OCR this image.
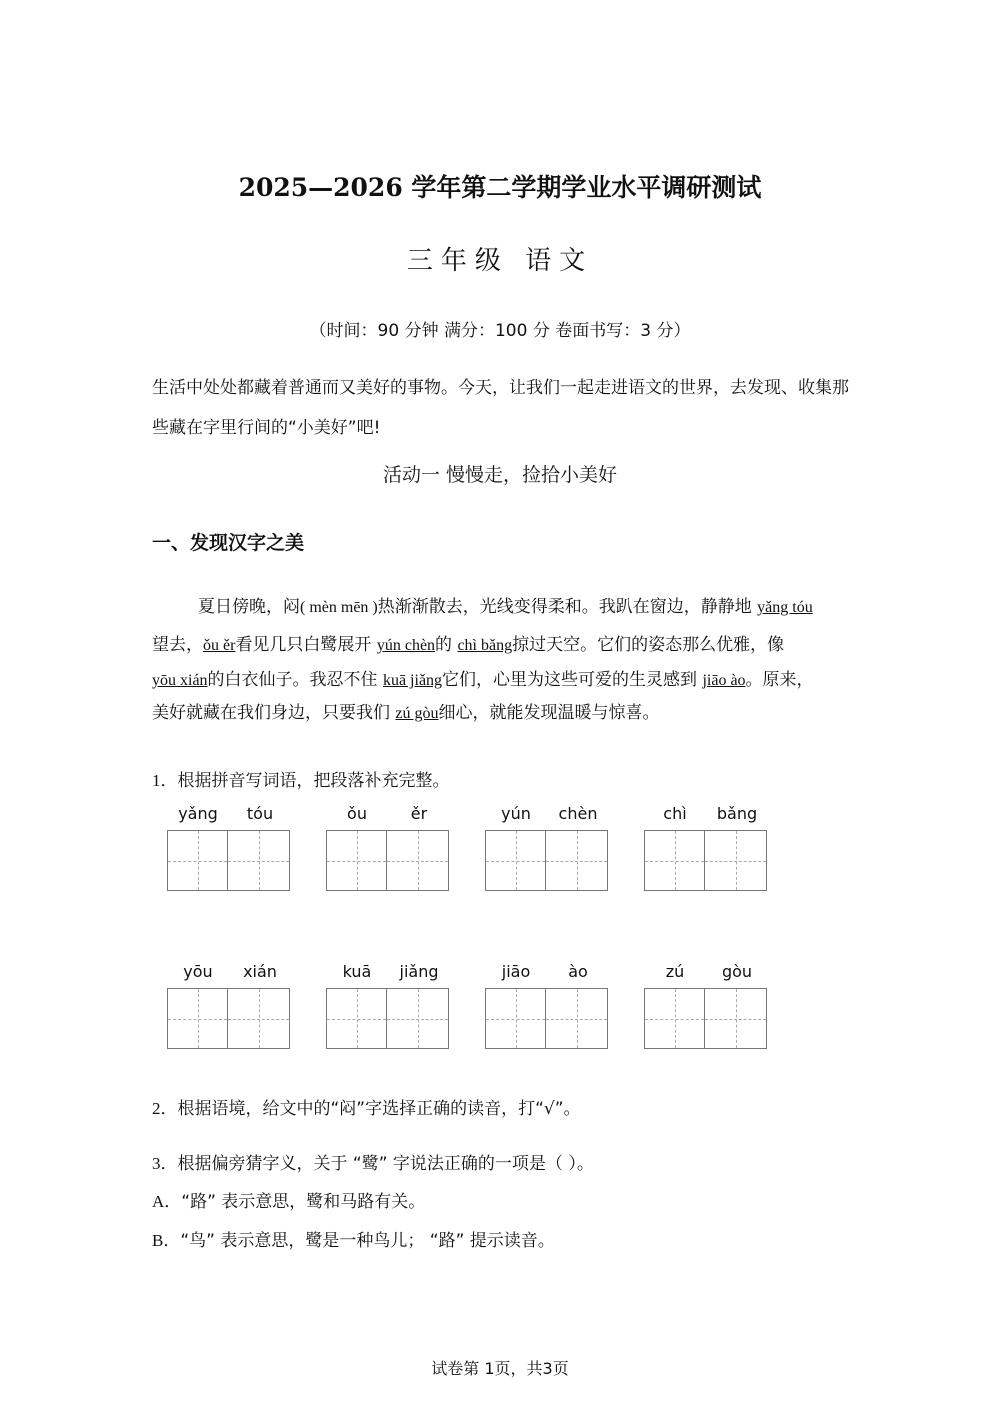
2025—2026 学年第二学期学业水平调研测试
三年级 语文
（时间：90 分钟 满分：100 分 卷面书写：3 分）
生活中处处都藏着普通而又美好的事物。今天，让我们一起走进语文的世界，去发现、收集那些藏在字里行间的“小美好”吧!
活动一 慢慢走，捡拾小美好
一、发现汉字之美
夏日傍晚，闷( mèn mēn )热渐渐散去，光线变得柔和。我趴在窗边，静静地 yǎng tóu
望去，ǒu ěr看见几只白鹭展开 yún chèn的 chì bǎng掠过天空。它们的姿态那么优雅，像
yōu xián的白衣仙子。我忍不住 kuā jiǎng它们，心里为这些可爱的生灵感到 jiāo ào。原来，
美好就藏在我们身边，只要我们 zú gòu细心，就能发现温暖与惊喜。
1．根据拼音写词语，把段落补充完整。
yǎng	tóu	ǒu	ěr	yún	chèn	chì	bǎng
yōu	xián	kuā	jiǎng	jiāo	ào	zú	gòu
2．根据语境，给文中的“闷”字选择正确的读音，打“√”。
3．根据偏旁猜字义，关于 “鹭” 字说法正确的一项是（ ）。
A．“路” 表示意思，鹭和马路有关。
B．“鸟” 表示意思，鹭是一种鸟儿； “路” 提示读音。
试卷第 1页，共3页
